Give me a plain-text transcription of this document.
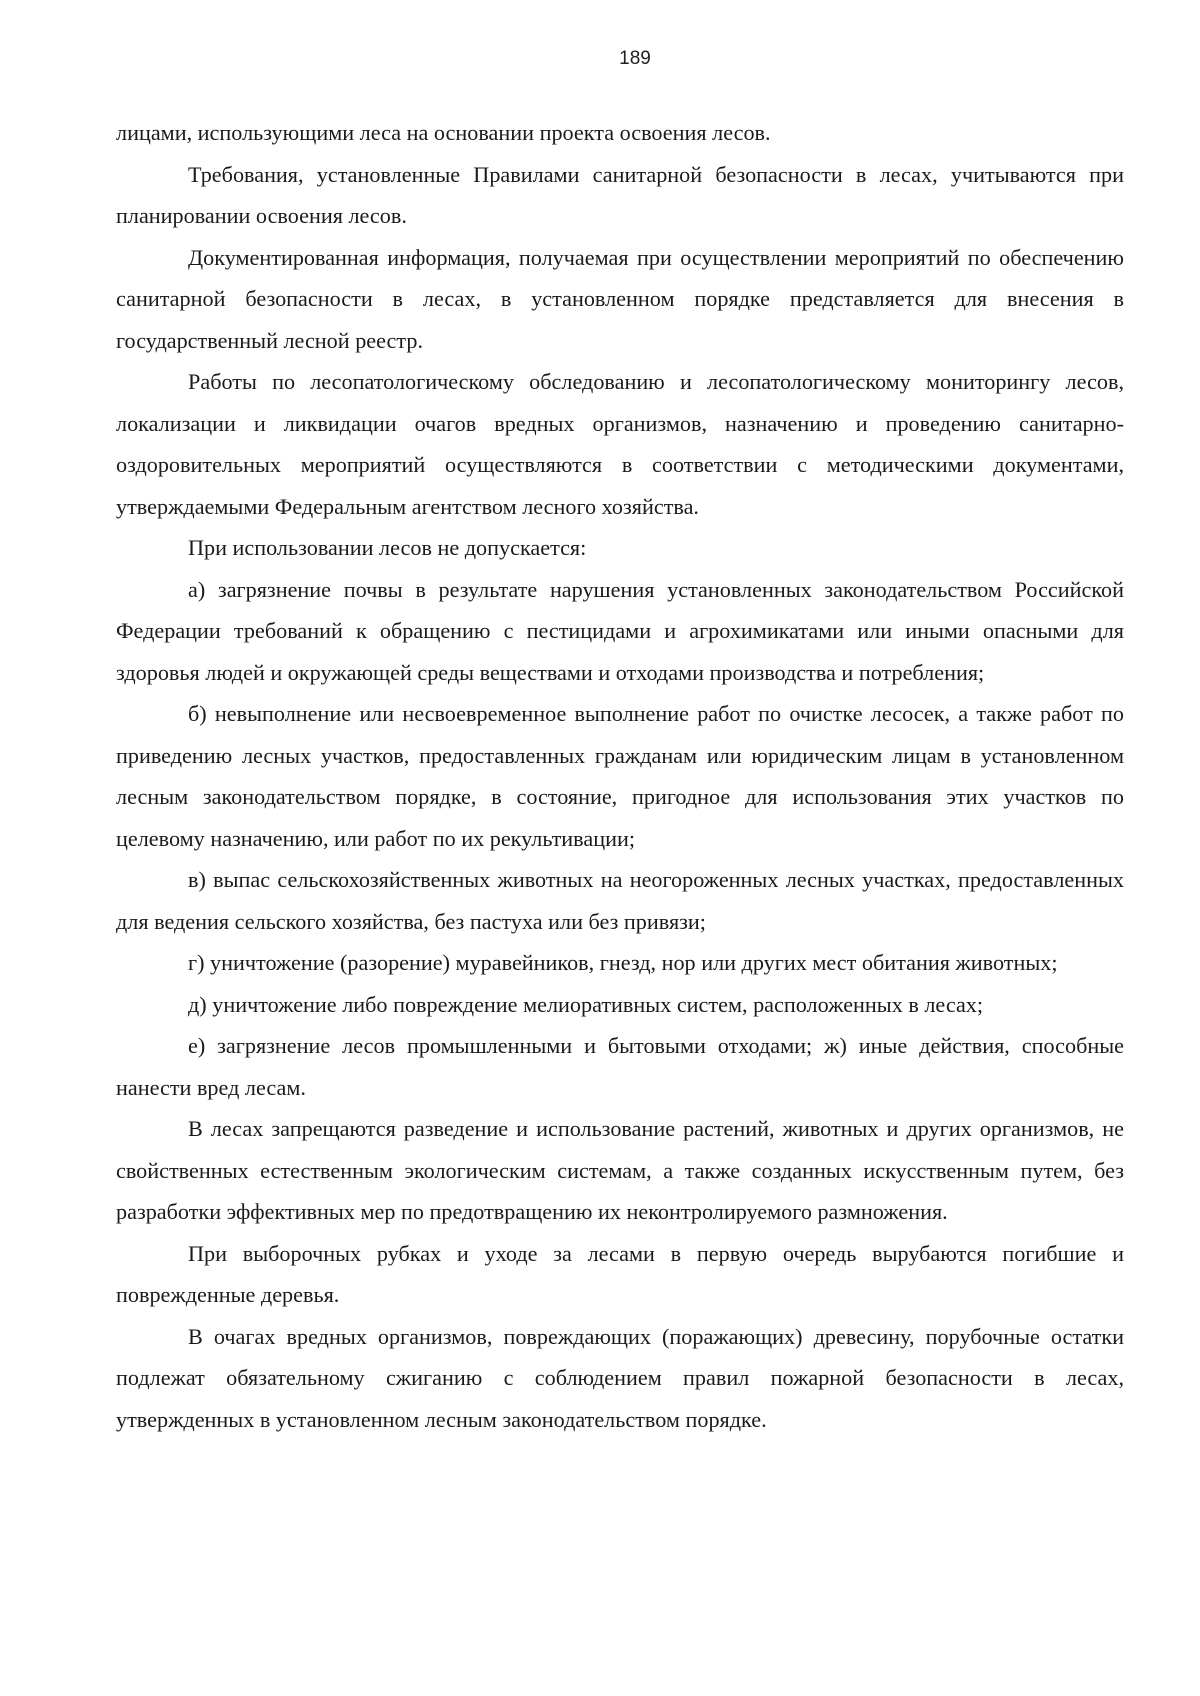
189

лицами, использующими леса на основании проекта освоения лесов.

Требования, установленные Правилами санитарной безопасности в лесах, учитываются при планировании освоения лесов.

Документированная информация, получаемая при осуществлении мероприятий по обеспечению санитарной безопасности в лесах, в установленном порядке представляется для внесения в государственный лесной реестр.

Работы по лесопатологическому обследованию и лесопатологическому мониторингу лесов, локализации и ликвидации очагов вредных организмов, назначению и проведению санитарно-оздоровительных мероприятий осуществляются в соответствии с методическими документами, утверждаемыми Федеральным агентством лесного хозяйства.

При использовании лесов не допускается:

а) загрязнение почвы в результате нарушения установленных законодательством Российской Федерации требований к обращению с пестицидами и агрохимикатами или иными опасными для здоровья людей и окружающей среды веществами и отходами производства и потребления;

б) невыполнение или несвоевременное выполнение работ по очистке лесосек, а также работ по приведению лесных участков, предоставленных гражданам или юридическим лицам в установленном лесным законодательством порядке, в состояние, пригодное для использования этих участков по целевому назначению, или работ по их рекультивации;

в) выпас сельскохозяйственных животных на неогороженных лесных участках, предоставленных для ведения сельского хозяйства, без пастуха или без привязи;

г) уничтожение (разорение) муравейников, гнезд, нор или других мест обитания животных;

д) уничтожение либо повреждение мелиоративных систем, расположенных в лесах;

е) загрязнение лесов промышленными и бытовыми отходами; ж) иные действия, способные нанести вред лесам.

В лесах запрещаются разведение и использование растений, животных и других организмов, не свойственных естественным экологическим системам, а также созданных искусственным путем, без разработки эффективных мер по предотвращению их неконтролируемого размножения.

При выборочных рубках и уходе за лесами в первую очередь вырубаются погибшие и поврежденные деревья.

В очагах вредных организмов, повреждающих (поражающих) древесину, порубочные остатки подлежат обязательному сжиганию с соблюдением правил пожарной безопасности в лесах, утвержденных в установленном лесным законодательством порядке.
